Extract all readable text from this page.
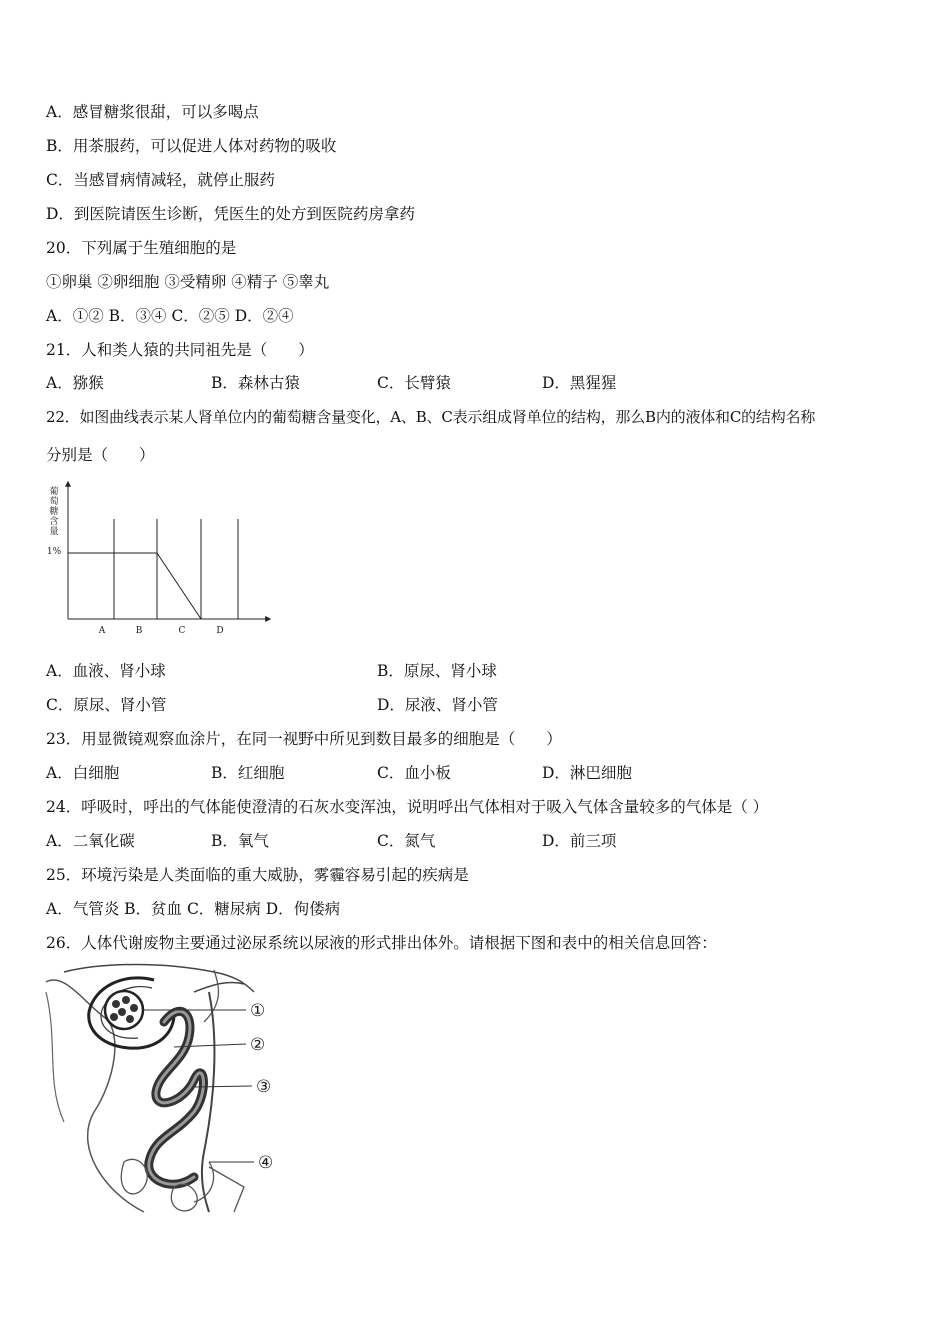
A．感冒糖浆很甜，可以多喝点
B．用茶服药，可以促进人体对药物的吸收
C．当感冒病情减轻，就停止服药
D．到医院请医生诊断，凭医生的处方到医院药房拿药
20．下列属于生殖细胞的是
①卵巢 ②卵细胞 ③受精卵 ④精子 ⑤睾丸
A．①② B．③④ C．②⑤ D．②④
21．人和类人猿的共同祖先是（　　）
A．猕猴	B．森林古猿	C．长臂猿	D．黑猩猩
22．如图曲线表示某人肾单位内的葡萄糖含量变化，A、B、C表示组成肾单位的结构，那么B内的液体和C的结构名称
分别是（　　）
葡
萄
糖
含
量
1%
A	B	C	D
A．血液、肾小球	B．原尿、肾小球
C．原尿、肾小管	D．尿液、肾小管
23．用显微镜观察血涂片，在同一视野中所见到数目最多的细胞是（　　）
A．白细胞	B．红细胞	C．血小板	D．淋巴细胞
24．呼吸时，呼出的气体能使澄清的石灰水变浑浊，说明呼出气体相对于吸入气体含量较多的气体是（ ）
A．二氧化碳	B．氧气	C．氮气	D．前三项
25．环境污染是人类面临的重大威胁，雾霾容易引起的疾病是
A．气管炎 B．贫血 C．糖尿病 D．佝偻病
26．人体代谢废物主要通过泌尿系统以尿液的形式排出体外。请根据下图和表中的相关信息回答：
①
②
③
④
